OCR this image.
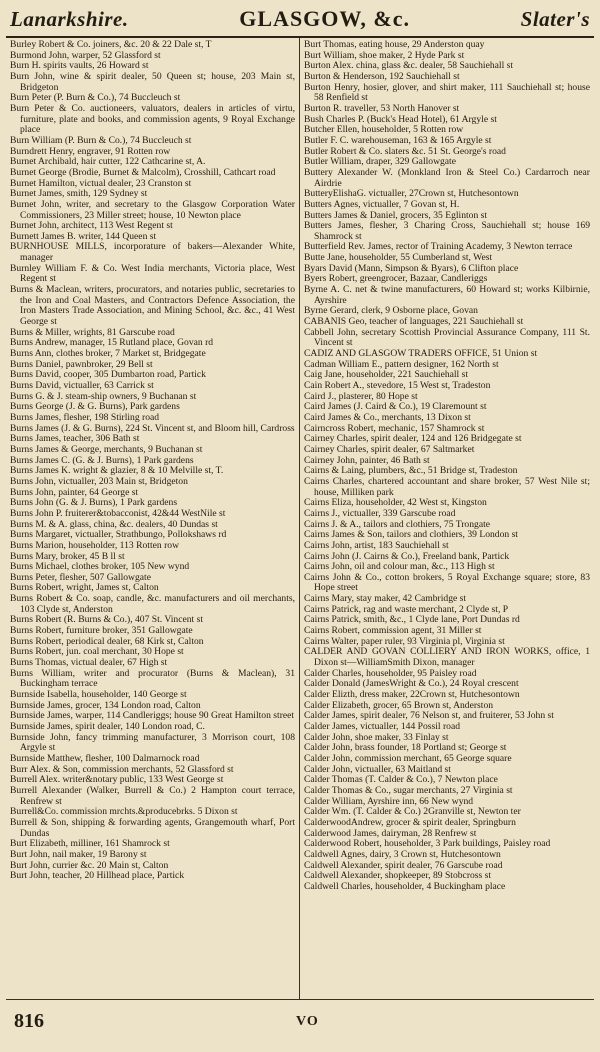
Lanarkshire.	GLASGOW, &c.	Slater's

Burley Robert & Co. joiners, &c. 20 & 22 Dale st, T

Burmond John, warper, 52 Glassford st

Burn H. spirits vaults, 26 Howard st

Burn John, wine & spirit dealer, 50 Queen st; house, 203 Main st, Bridgeton

Burn Peter (P. Burn & Co.), 74 Buccleuch st

Burn Peter & Co. auctioneers, valuators, dealers in articles of virtu, furniture, plate and books, and commission agents, 9 Royal Exchange place

Burn William (P. Burn & Co.), 74 Buccleuch st

Burndrett Henry, engraver, 91 Rotten row

Burnet Archibald, hair cutter, 122 Cathcarine st, A.

Burnet George (Brodie, Burnet & Malcolm), Crosshill, Cathcart road

Burnet Hamilton, victual dealer, 23 Cranston st

Burnet James, smith, 129 Sydney st

Burnet John, writer, and secretary to the Glasgow Corporation Water Commissioners, 23 Miller street; house, 10 Newton place

Burnet John, architect, 113 West Regent st

Burnett James B. writer, 144 Queen st

BURNHOUSE MILLS, incorporature of bakers—Alexander White, manager

Burnley William F. & Co. West India merchants, Victoria place, West Regent st

Burns & Maclean, writers, procurators, and notaries public, secretaries to the Iron and Coal Masters, and Contractors Defence Association, the Iron Masters Trade Association, and Mining School, &c. &c., 41 West George st

Burns & Miller, wrights, 81 Garscube road

Burns Andrew, manager, 15 Rutland place, Govan rd

Burns Ann, clothes broker, 7 Market st, Bridgegate

Burns Daniel, pawnbroker, 29 Bell st

Burns David, cooper, 305 Dumbarton road, Partick

Burns David, victualler, 63 Carrick st

Burns G. & J. steam-ship owners, 9 Buchanan st

Burns George (J. & G. Burns), Park gardens

Burns James, flesher, 198 Stirling road

Burns James (J. & G. Burns), 224 St. Vincent st, and Bloom hill, Cardross

Burns James, teacher, 306 Bath st

Burns James & George, merchants, 9 Buchanan st

Burns James C. (G. & J. Burns), 1 Park gardens

Burns James K. wright & glazier, 8 & 10 Melville st, T.

Burns John, victualler, 203 Main st, Bridgeton

Burns John, painter, 64 George st

Burns John (G. & J. Burns), 1 Park gardens

Burns John P. fruiterer&tobacconist, 42&44 WestNile st

Burns M. & A. glass, china, &c. dealers, 40 Dundas st

Burns Margaret, victualler, Strathbungo, Pollokshaws rd

Burns Marion, householder, 113 Rotten row

Burns Mary, broker, 45 B ll st

Burns Michael, clothes broker, 105 New wynd

Burns Peter, flesher, 507 Gallowgate

Burns Robert, wright, James st, Calton

Burns Robert & Co. soap, candle, &c. manufacturers and oil merchants, 103 Clyde st, Anderston

Burns Robert (R. Burns & Co.), 407 St. Vincent st

Burns Robert, furniture broker, 351 Gallowgate

Burns Robert, periodical dealer, 68 Kirk st, Calton

Burns Robert, jun. coal merchant, 30 Hope st

Burns Thomas, victual dealer, 67 High st

Burns William, writer and procurator (Burns & Maclean), 31 Buckingham terrace

Burnside Isabella, householder, 140 George st

Burnside James, grocer, 134 London road, Calton

Burnside James, warper, 114 Candleriggs; house 90 Great Hamilton street

Burnside James, spirit dealer, 140 London road, C.

Burnside John, fancy trimming manufacturer, 3 Morrison court, 108 Argyle st

Burnside Matthew, flesher, 100 Dalmarnock road

Burr Alex. & Son, commission merchants, 52 Glassford st

Burrell Alex. writer&notary public, 133 West George st

Burrell Alexander (Walker, Burrell & Co.) 2 Hampton court terrace, Renfrew st

Burrell&Co. commission mrchts.&producebrks. 5 Dixon st

Burrell & Son, shipping & forwarding agents, Grangemouth wharf, Port Dundas

Burt Elizabeth, milliner, 161 Shamrock st

Burt John, nail maker, 19 Barony st

Burt John, currier &c. 20 Main st, Calton

Burt John, teacher, 20 Hillhead place, Partick

Burt Thomas, eating house, 29 Anderston quay

Burt William, shoe maker, 2 Hyde Park st

Burton Alex. china, glass &c. dealer, 58 Sauchiehall st

Burton & Henderson, 192 Sauchiehall st

Burton Henry, hosier, glover, and shirt maker, 111 Sauchiehall st; house 58 Renfield st

Burton R. traveller, 53 North Hanover st

Bush Charles P. (Buck's Head Hotel), 61 Argyle st

Butcher Ellen, householder, 5 Rotten row

Butler F. C. warehouseman, 163 & 165 Argyle st

Butler Robert & Co. slaters &c. 51 St. George's road

Butler William, draper, 329 Gallowgate

Buttery Alexander W. (Monkland Iron & Steel Co.) Cardarroch near Airdrie

ButteryElishaG. victualler, 27Crown st, Hutchesontown

Butters Agnes, victualler, 7 Govan st, H.

Butters James & Daniel, grocers, 35 Eglinton st

Butters James, flesher, 3 Charing Cross, Sauchiehall st; house 169 Shamrock st

Butterfield Rev. James, rector of Training Academy, 3 Newton terrace

Butte Jane, householder, 55 Cumberland st, West

Byars David (Mann, Simpson & Byars), 6 Clifton place

Byers Robert, greengrocer, Bazaar, Candleriggs

Byrne A. C. net & twine manufacturers, 60 Howard st; works Kilbirnie, Ayrshire

Byrne Gerard, clerk, 9 Osborne place, Govan

CABANIS Geo, teacher of languages, 221 Sauchiehall st

Cabbell John, secretary Scottish Provincial Assurance Company, 111 St. Vincent st

CADIZ AND GLASGOW TRADERS OFFICE, 51 Union st

Cadman William E., pattern designer, 162 North st

Caig Jane, householder, 221 Sauchiehall st

Cain Robert A., stevedore, 15 West st, Tradeston

Caird J., plasterer, 80 Hope st

Caird James (J. Caird & Co.), 19 Claremount st

Caird James & Co., merchants, 13 Dixon st

Cairncross Robert, mechanic, 157 Shamrock st

Cairney Charles, spirit dealer, 124 and 126 Bridgegate st

Cairney Charles, spirit dealer, 67 Saltmarket

Cairney John, painter, 46 Bath st

Cairns & Laing, plumbers, &c., 51 Bridge st, Tradeston

Cairns Charles, chartered accountant and share broker, 57 West Nile st; house, Milliken park

Cairns Eliza, householder, 42 West st, Kingston

Cairns J., victualler, 339 Garscube road

Cairns J. & A., tailors and clothiers, 75 Trongate

Cairns James & Son, tailors and clothiers, 39 London st

Cairns John, artist, 183 Sauchiehall st

Cairns John (J. Cairns & Co.), Freeland bank, Partick

Cairns John, oil and colour man, &c., 113 High st

Cairns John & Co., cotton brokers, 5 Royal Exchange square; store, 83 Hope street

Cairns Mary, stay maker, 42 Cambridge st

Cairns Patrick, rag and waste merchant, 2 Clyde st, P

Cairns Patrick, smith, &c., 1 Clyde lane, Port Dundas rd

Cairns Robert, commission agent, 31 Miller st

Cairns Walter, paper ruler, 93 Virginia pl, Virginia st

CALDER AND GOVAN COLLIERY AND IRON WORKS, office, 1 Dixon st—WilliamSmith Dixon, manager

Calder Charles, householder, 95 Paisley road

Calder Donald (JamesWright & Co.), 24 Royal crescent

Calder Elizth, dress maker, 22Crown st, Hutchesontown

Calder Elizabeth, grocer, 65 Brown st, Anderston

Calder James, spirit dealer, 76 Nelson st, and fruiterer, 53 John st

Calder James, victualler, 144 Possil road

Calder John, shoe maker, 33 Finlay st

Calder John, brass founder, 18 Portland st; George st

Calder John, commission merchant, 65 George square

Calder John, victualler, 63 Maitland st

Calder Thomas (T. Calder & Co.), 7 Newton place

Calder Thomas & Co., sugar merchants, 27 Virginia st

Calder William, Ayrshire inn, 66 New wynd

Calder Wm. (T. Calder & Co.) 2Granville st, Newton ter

CalderwoodAndrew, grocer & spirit dealer, Springburn

Calderwood James, dairyman, 28 Renfrew st

Calderwood Robert, householder, 3 Park buildings, Paisley road

Caldwell Agnes, dairy, 3 Crown st, Hutchesontown

Caldwell Alexander, spirit dealer, 76 Garscube road

Caldwell Alexander, shopkeeper, 89 Stobcross st

Caldwell Charles, householder, 4 Buckingham place

816	VO
